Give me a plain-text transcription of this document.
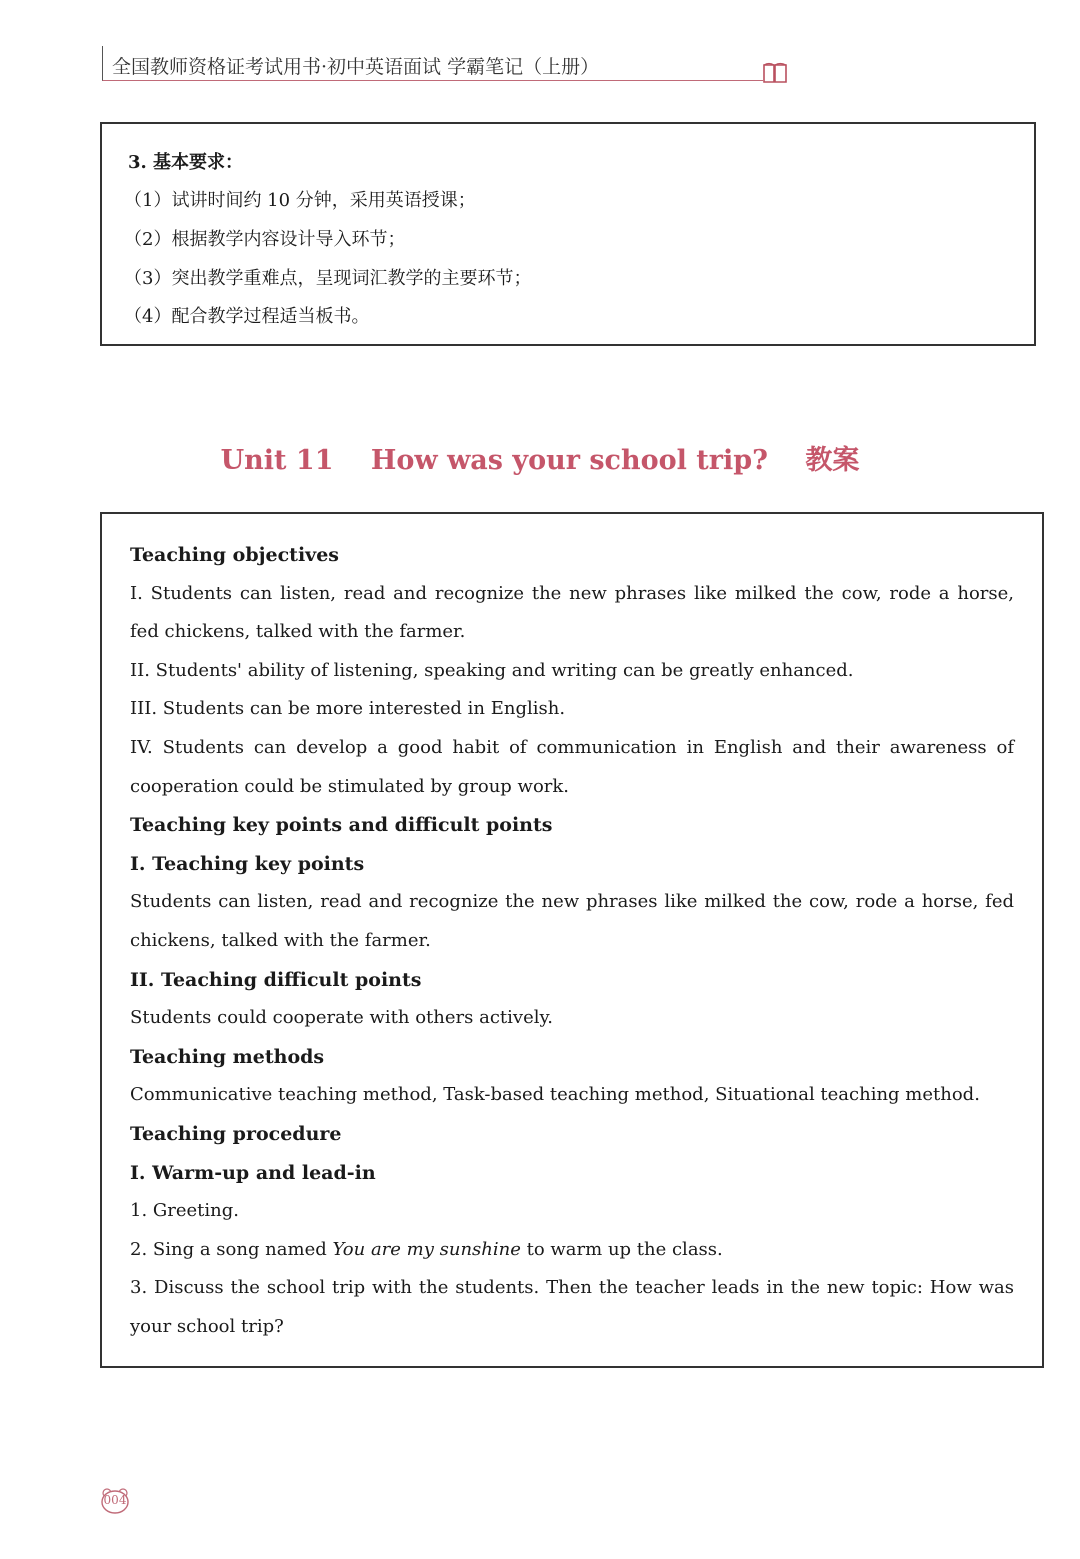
全国教师资格证考试用书·初中英语面试 学霸笔记（上册）
3. 基本要求：
（1）试讲时间约 10 分钟，采用英语授课；
（2）根据教学内容设计导入环节；
（3）突出教学重难点，呈现词汇教学的主要环节；
（4）配合教学过程适当板书。
Unit 11 How was your school trip? 教案

Teaching objectives

I. Students can listen, read and recognize the new phrases like milked the cow, rode a horse, fed chickens, talked with the farmer.

II. Students' ability of listening, speaking and writing can be greatly enhanced.

III. Students can be more interested in English.

IV. Students can develop a good habit of communication in English and their awareness of cooperation could be stimulated by group work.

Teaching key points and difficult points

I. Teaching key points

Students can listen, read and recognize the new phrases like milked the cow, rode a horse, fed chickens, talked with the farmer.

II. Teaching difficult points

Students could cooperate with others actively.

Teaching methods

Communicative teaching method, Task-based teaching method, Situational teaching method.

Teaching procedure

I. Warm-up and lead-in

1. Greeting.

2. Sing a song named You are my sunshine to warm up the class.

3. Discuss the school trip with the students. Then the teacher leads in the new topic: How was your school trip?

004
